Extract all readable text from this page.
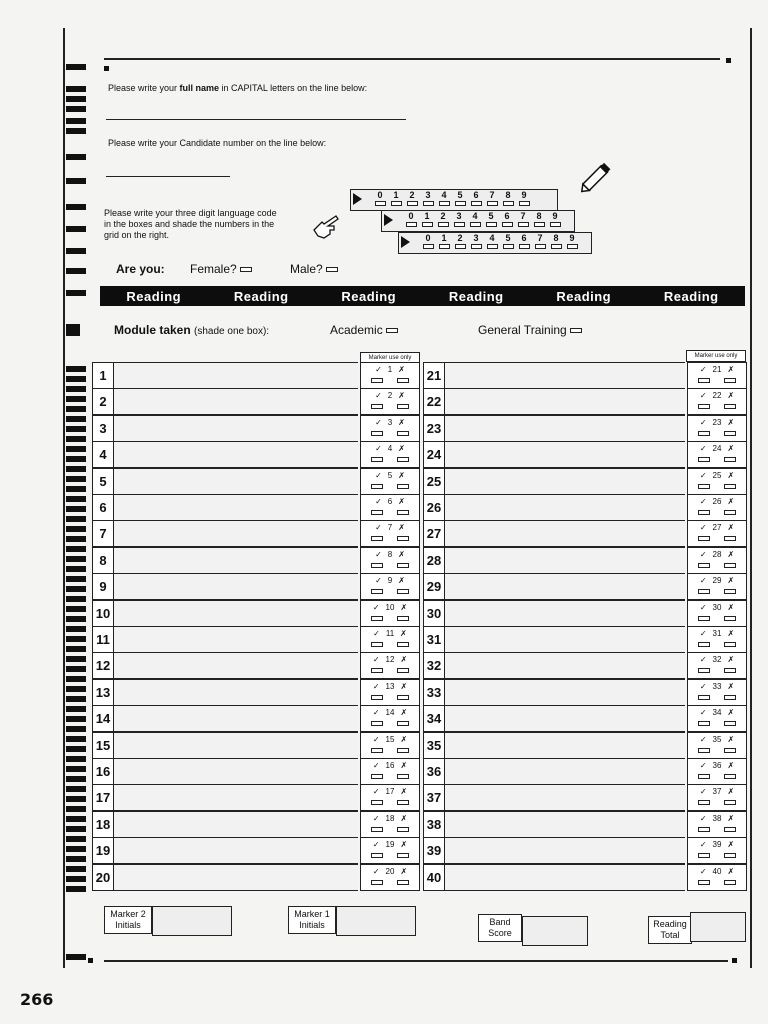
Please write your full name in CAPITAL letters on the line below:
Please write your Candidate number on the line below:
Please write your three digit language code
in the boxes and shade the numbers in the
grid on the right.
0	1	2	3	4	5	6	7	8	9
0	1	2	3	4	5	6	7	8	9
0	1	2	3	4	5	6	7	8	9
Are you: Female?	Male?
Reading	Reading	Reading	Reading	Reading	Reading
Module taken (shade one box):	Academic	General Training
Marker use only	Marker use only
1	✓ 1 ✗
2	✓ 2 ✗
3	✓ 3 ✗
4	✓ 4 ✗
5	✓ 5 ✗
6	✓ 6 ✗
7	✓ 7 ✗
8	✓ 8 ✗
9	✓ 9 ✗
10	✓ 10 ✗
11	✓ 11 ✗
12	✓ 12 ✗
13	✓ 13 ✗
14	✓ 14 ✗
15	✓ 15 ✗
16	✓ 16 ✗
17	✓ 17 ✗
18	✓ 18 ✗
19	✓ 19 ✗
20	✓ 20 ✗
21	✓ 21 ✗
22	✓ 22 ✗
23	✓ 23 ✗
24	✓ 24 ✗
25	✓ 25 ✗
26	✓ 26 ✗
27	✓ 27 ✗
28	✓ 28 ✗
29	✓ 29 ✗
30	✓ 30 ✗
31	✓ 31 ✗
32	✓ 32 ✗
33	✓ 33 ✗
34	✓ 34 ✗
35	✓ 35 ✗
36	✓ 36 ✗
37	✓ 37 ✗
38	✓ 38 ✗
39	✓ 39 ✗
40	✓ 40 ✗
Marker 2
Initials
Marker 1
Initials	Band
Score
Reading
Total
266
